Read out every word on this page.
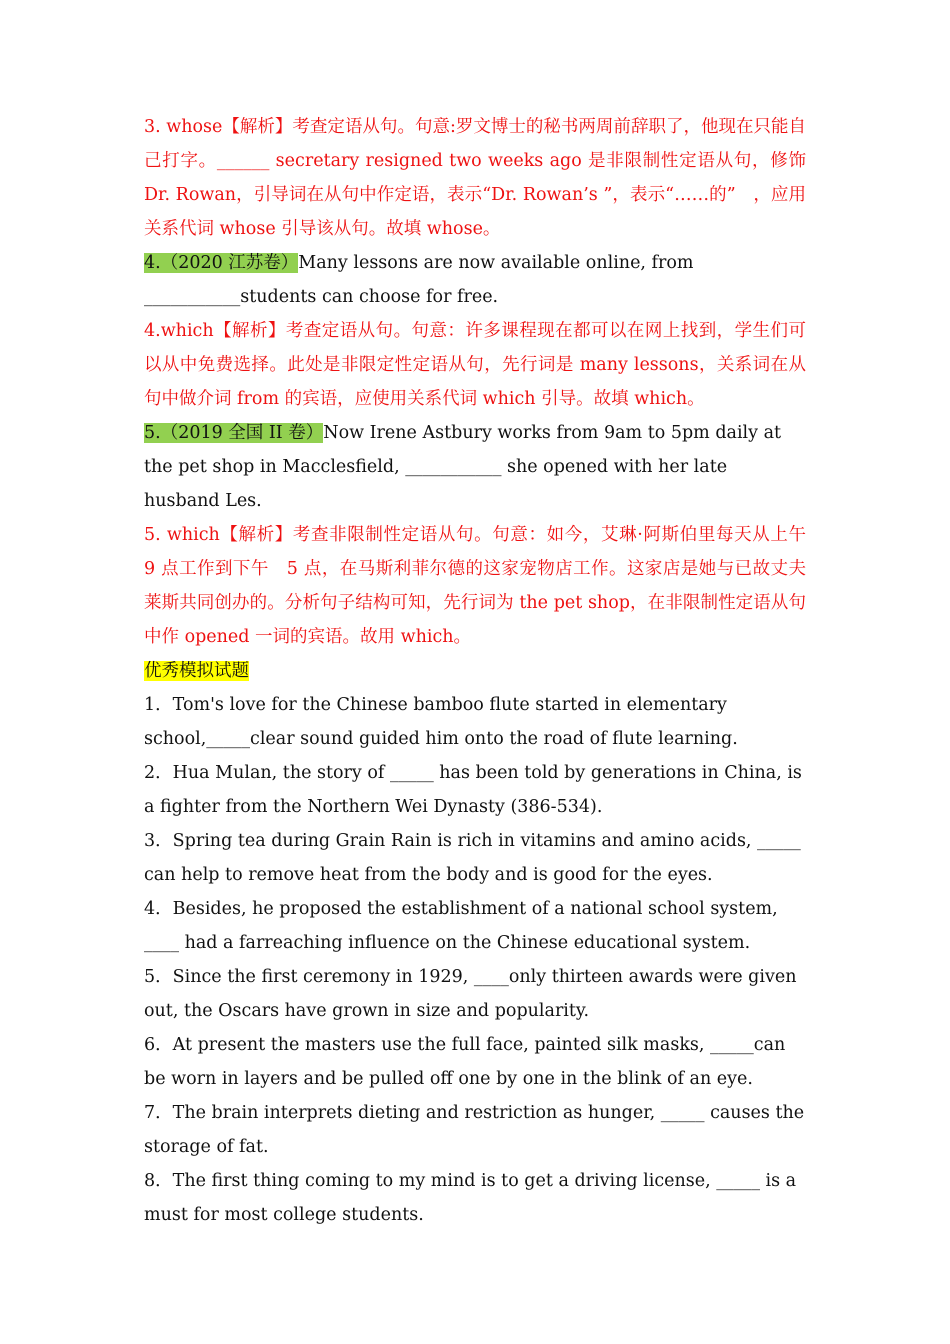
3. whose【解析】考查定语从句。句意:罗文博士的秘书两周前辞职了，他现在只能自己打字。______ secretary resigned two weeks ago 是非限制性定语从句，修饰 Dr. Rowan，引导词在从句中作定语，表示“Dr. Rowan’s ”，表示“……的”　，应用关系代词 whose 引导该从句。故填 whose。

4.（2020 江苏卷）Many lessons are now available online, from ___________students can choose for free.

4.which【解析】考查定语从句。句意：许多课程现在都可以在网上找到，学生们可以从中免费选择。此处是非限定性定语从句，先行词是 many lessons，关系词在从句中做介词 from 的宾语，应使用关系代词 which 引导。故填 which。

5.（2019 全国 II 卷）Now Irene Astbury works from 9am to 5pm daily at the pet shop in Macclesfield, ___________ she opened with her late husband Les.

5. which【解析】考查非限制性定语从句。句意：如今，艾琳·阿斯伯里每天从上午　9 点工作到下午　5 点，在马斯利菲尔德的这家宠物店工作。这家店是她与已故丈夫莱斯共同创办的。分析句子结构可知，先行词为 the pet shop，在非限制性定语从句中作 opened 一词的宾语。故用 which。

优秀模拟试题

1．Tom's love for the Chinese bamboo flute started in elementary school,_____clear sound guided him onto the road of flute learning.

2．Hua Mulan, the story of _____ has been told by generations in China, is a fighter from the Northern Wei Dynasty (386-534).

3．Spring tea during Grain Rain is rich in vitamins and amino acids, _____ can help to remove heat from the body and is good for the eyes.

4．Besides, he proposed the establishment of a national school system, ____ had a farreaching influence on the Chinese educational system.

5．Since the first ceremony in 1929, ____only thirteen awards were given out, the Oscars have grown in size and popularity.

6．At present the masters use the full face, painted silk masks, _____can be worn in layers and be pulled off one by one in the blink of an eye.

7．The brain interprets dieting and restriction as hunger, _____ causes the storage of fat.

8．The first thing coming to my mind is to get a driving license, _____ is a must for most college students.
